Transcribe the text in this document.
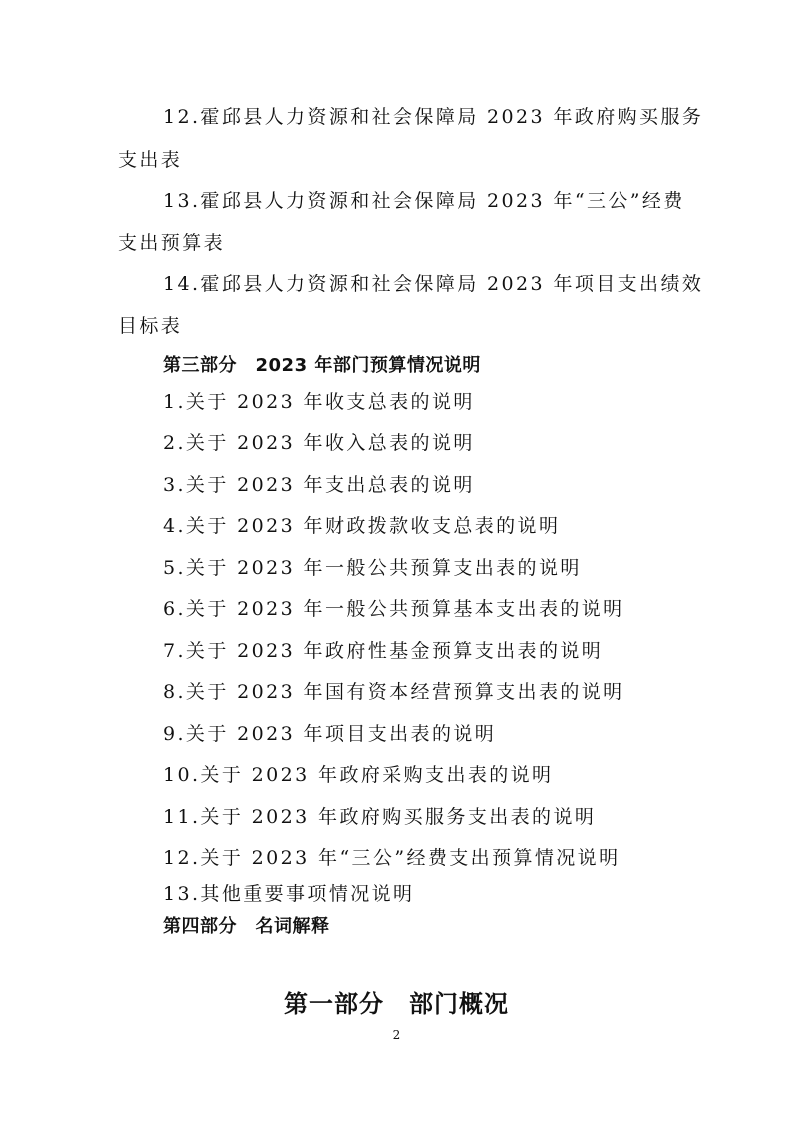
12.霍邱县人力资源和社会保障局 2023 年政府购买服务
支出表
13.霍邱县人力资源和社会保障局 2023 年“三公”经费
支出预算表
14.霍邱县人力资源和社会保障局 2023 年项目支出绩效
目标表
第三部分　2023 年部门预算情况说明
1.关于 2023 年收支总表的说明
2.关于 2023 年收入总表的说明
3.关于 2023 年支出总表的说明
4.关于 2023 年财政拨款收支总表的说明
5.关于 2023 年一般公共预算支出表的说明
6.关于 2023 年一般公共预算基本支出表的说明
7.关于 2023 年政府性基金预算支出表的说明
8.关于 2023 年国有资本经营预算支出表的说明
9.关于 2023 年项目支出表的说明
10.关于 2023 年政府采购支出表的说明
11.关于 2023 年政府购买服务支出表的说明
12.关于 2023 年“三公”经费支出预算情况说明
13.其他重要事项情况说明
第四部分　名词解释
第一部分　部门概况
2
